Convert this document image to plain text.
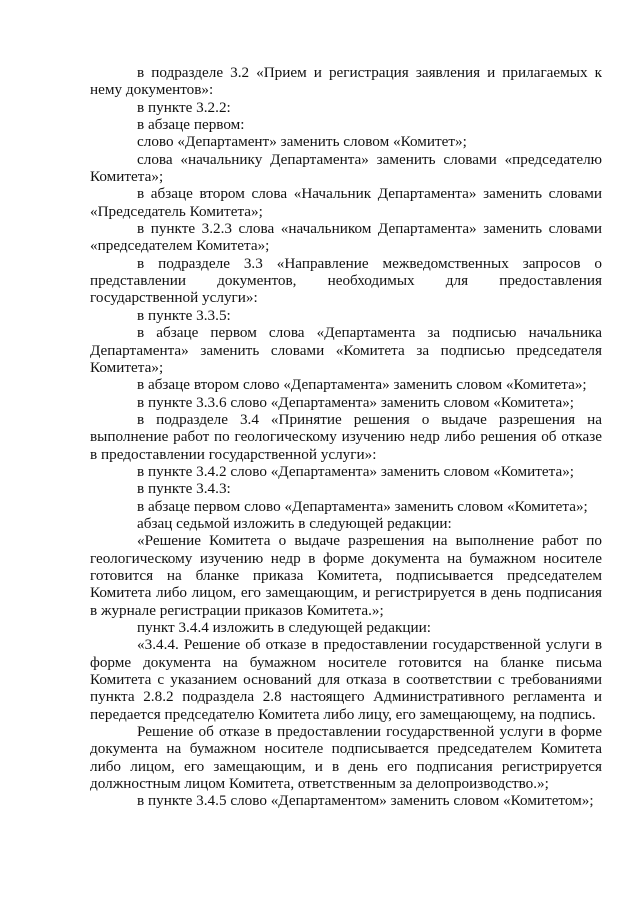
в подразделе 3.2 «Прием и регистрация заявления и прилагаемых к нему документов»:

в пункте 3.2.2:

в абзаце первом:

слово «Департамент» заменить словом «Комитет»;

слова «начальнику Департамента» заменить словами «председателю Комитета»;

в абзаце втором слова «Начальник Департамента» заменить словами «Председатель Комитета»;

в пункте 3.2.3 слова «начальником Департамента» заменить словами «председателем Комитета»;

в подразделе 3.3 «Направление межведомственных запросов о представлении документов, необходимых для предоставления государственной услуги»:

в пункте 3.3.5:

в абзаце первом слова «Департамента за подписью начальника Департамента» заменить словами «Комитета за подписью председателя Комитета»;

в абзаце втором слово «Департамента» заменить словом «Комитета»;

в пункте 3.3.6 слово «Департамента» заменить словом «Комитета»;

в подразделе 3.4 «Принятие решения о выдаче разрешения на выполнение работ по геологическому изучению недр либо решения об отказе в предоставлении государственной услуги»:

в пункте 3.4.2 слово «Департамента» заменить словом «Комитета»;

в пункте 3.4.3:

в абзаце первом слово «Департамента» заменить словом «Комитета»;

абзац седьмой изложить в следующей редакции:

«Решение Комитета о выдаче разрешения на выполнение работ по геологическому изучению недр в форме документа на бумажном носителе готовится на бланке приказа Комитета, подписывается председателем Комитета либо лицом, его замещающим, и регистрируется в день подписания в журнале регистрации приказов Комитета.»;

пункт 3.4.4 изложить в следующей редакции:

«3.4.4. Решение об отказе в предоставлении государственной услуги в форме документа на бумажном носителе готовится на бланке письма Комитета с указанием оснований для отказа в соответствии с требованиями пункта 2.8.2 подраздела 2.8 настоящего Административного регламента и передается председателю Комитета либо лицу, его замещающему, на подпись.

Решение об отказе в предоставлении государственной услуги в форме документа на бумажном носителе подписывается председателем Комитета либо лицом, его замещающим, и в день его подписания регистрируется должностным лицом Комитета, ответственным за делопроизводство.»;

в пункте 3.4.5 слово «Департаментом» заменить словом «Комитетом»;
